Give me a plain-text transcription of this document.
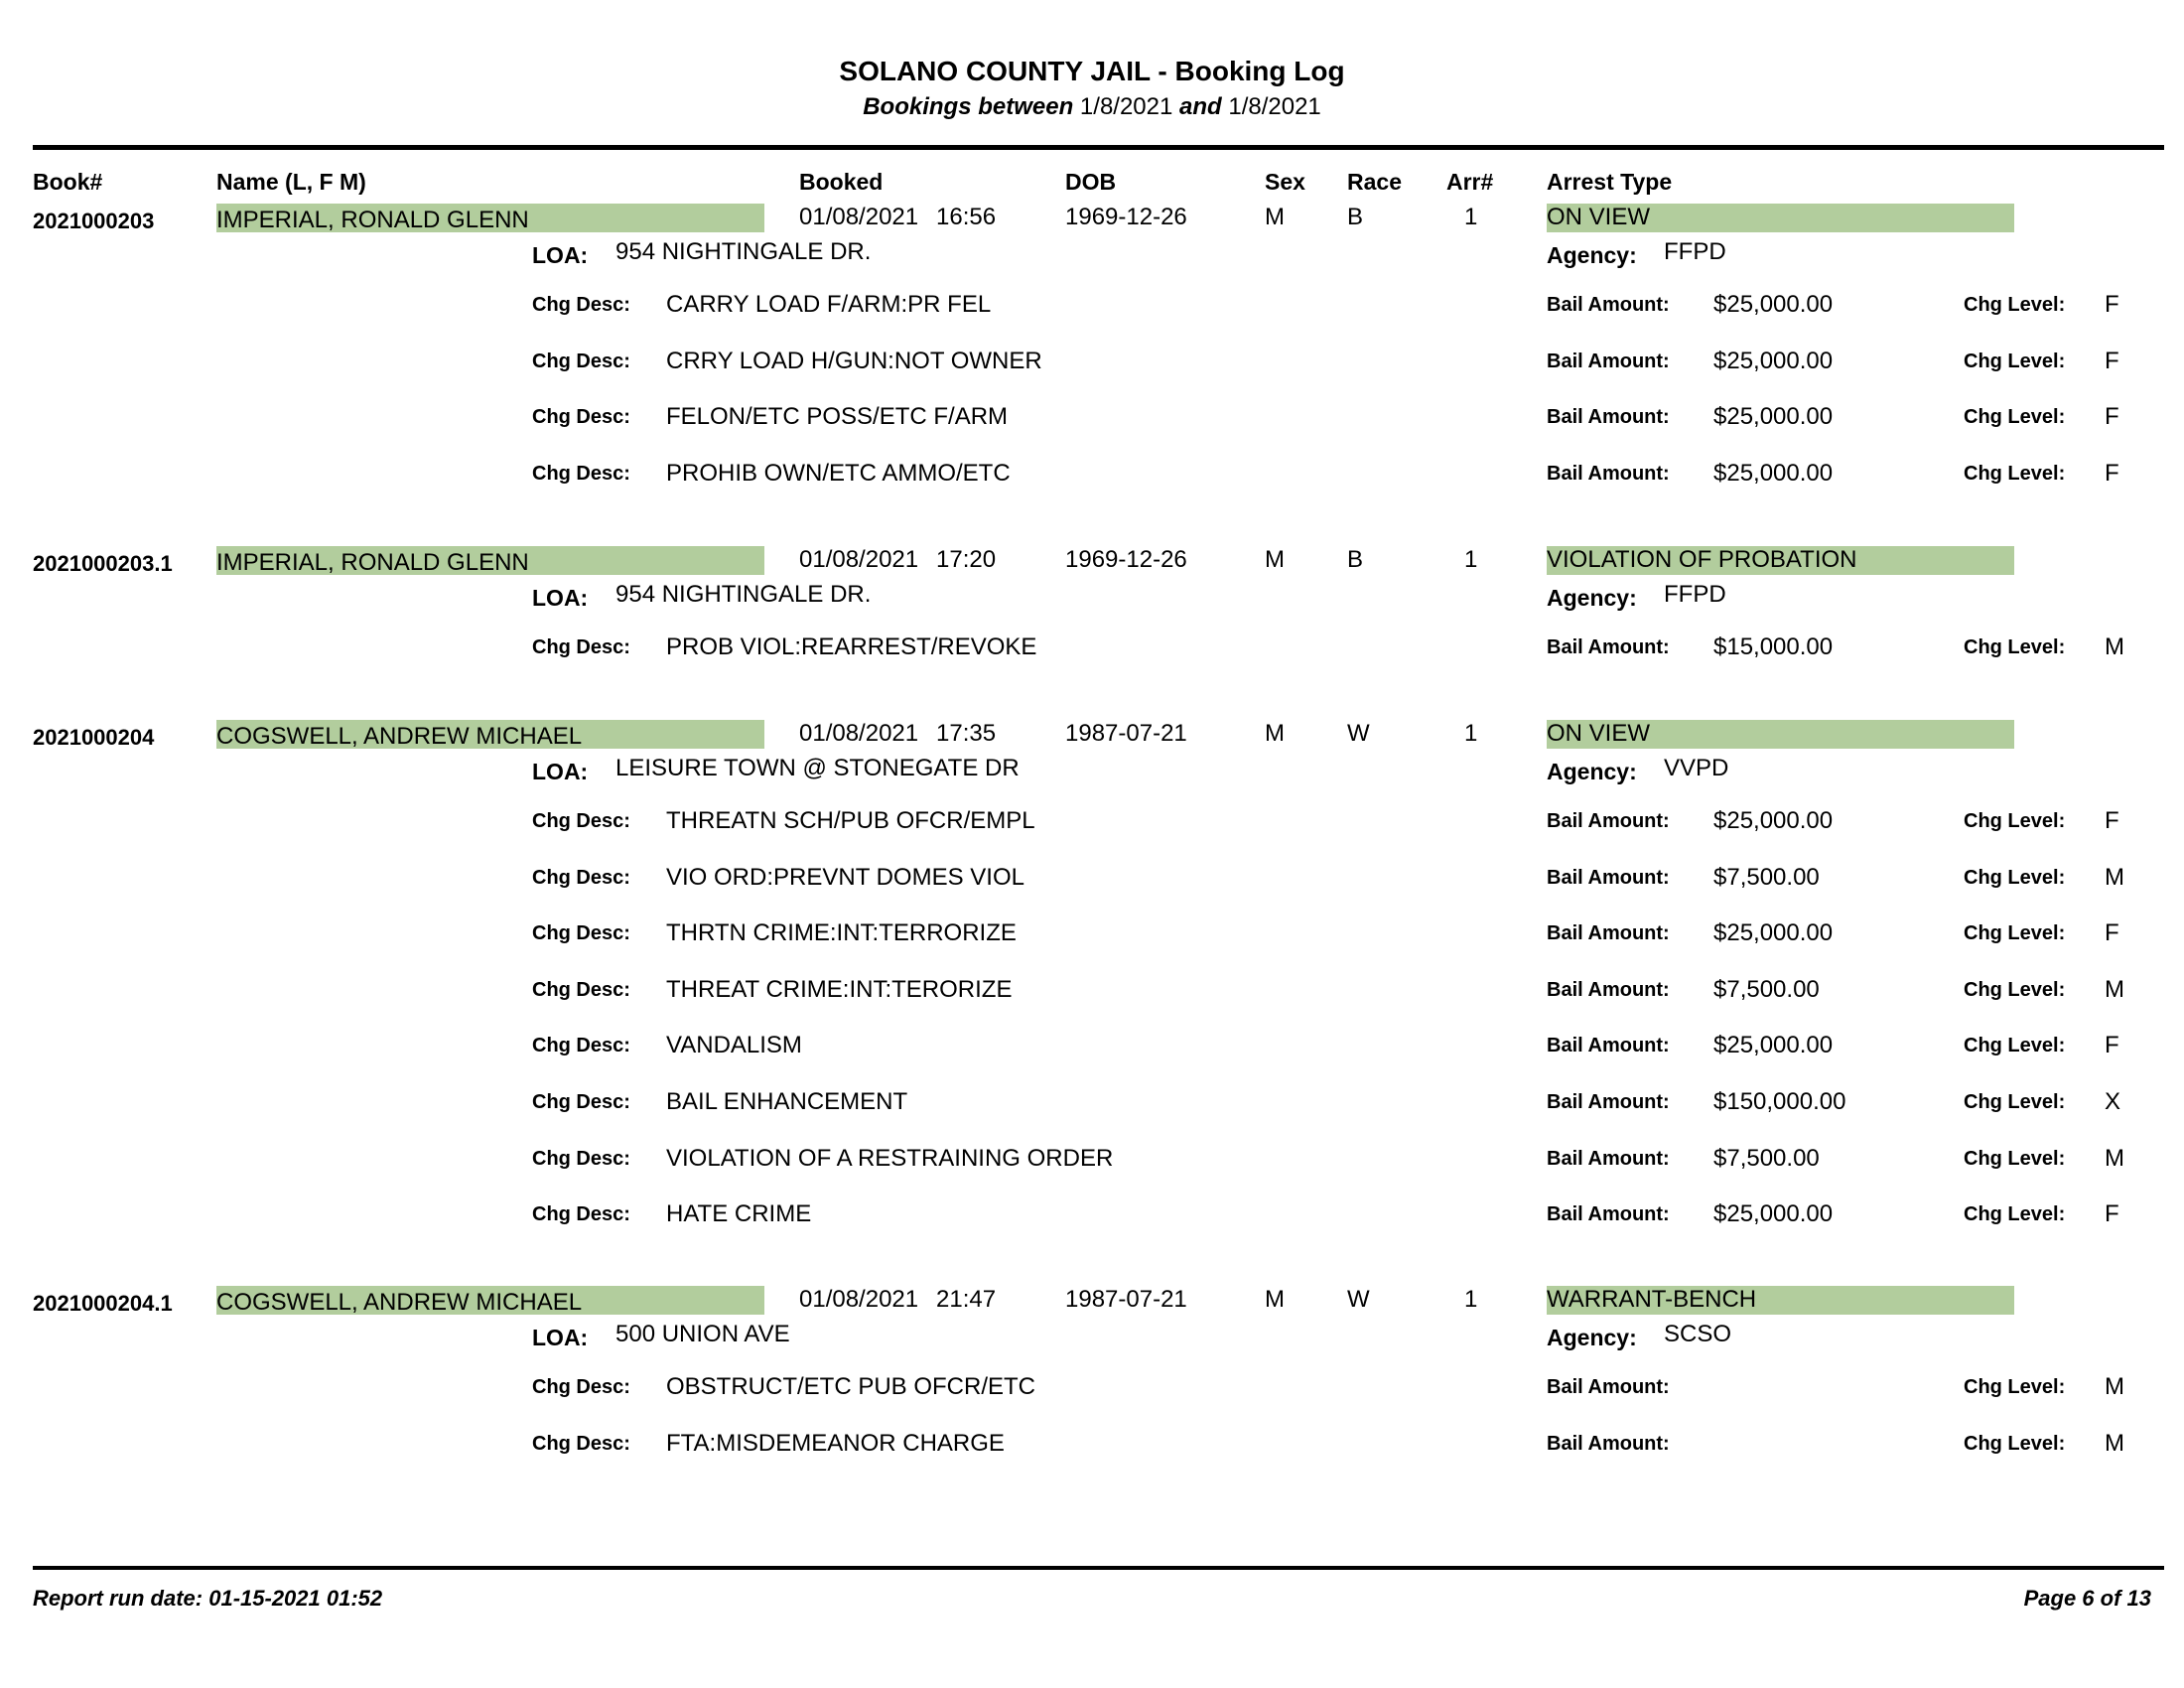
SOLANO COUNTY JAIL - Booking Log
Bookings between 1/8/2021 and 1/8/2021
Book#	Name (L, F M)	Booked	DOB	Sex Race Arr# Arrest Type
2021000203	IMPERIAL, RONALD GLENN	01/08/2021 16:56	1969-12-26	M	B	1	ON VIEW
LOA: 954 NIGHTINGALE DR.	Agency: FFPD
Chg Desc: CARRY LOAD F/ARM:PR FEL	Bail Amount: $25,000.00	Chg Level: F
Chg Desc: CRRY LOAD H/GUN:NOT OWNER	Bail Amount: $25,000.00	Chg Level: F
Chg Desc: FELON/ETC POSS/ETC F/ARM	Bail Amount: $25,000.00	Chg Level: F
Chg Desc: PROHIB OWN/ETC AMMO/ETC	Bail Amount: $25,000.00	Chg Level: F
2021000203.1 IMPERIAL, RONALD GLENN	01/08/2021 17:20	1969-12-26	M	B	1	VIOLATION OF PROBATION
LOA: 954 NIGHTINGALE DR.	Agency: FFPD
Chg Desc: PROB VIOL:REARREST/REVOKE	Bail Amount: $15,000.00	Chg Level: M
2021000204	COGSWELL, ANDREW MICHAEL	01/08/2021 17:35	1987-07-21	M	W	1	ON VIEW
LOA: LEISURE TOWN @ STONEGATE DR	Agency: VVPD
Chg Desc: THREATN SCH/PUB OFCR/EMPL	Bail Amount: $25,000.00	Chg Level: F
Chg Desc: VIO ORD:PREVNT DOMES VIOL	Bail Amount: $7,500.00	Chg Level: M
Chg Desc: THRTN CRIME:INT:TERRORIZE	Bail Amount: $25,000.00	Chg Level: F
Chg Desc: THREAT CRIME:INT:TERORIZE	Bail Amount: $7,500.00	Chg Level: M
Chg Desc: VANDALISM	Bail Amount: $25,000.00	Chg Level: F
Chg Desc: BAIL ENHANCEMENT	Bail Amount: $150,000.00	Chg Level: X
Chg Desc: VIOLATION OF A RESTRAINING ORDER	Bail Amount: $7,500.00	Chg Level: M
Chg Desc: HATE CRIME	Bail Amount: $25,000.00	Chg Level: F
2021000204.1 COGSWELL, ANDREW MICHAEL	01/08/2021 21:47	1987-07-21	M	W	1	WARRANT-BENCH
LOA: 500 UNION AVE	Agency: SCSO
Chg Desc: OBSTRUCT/ETC PUB OFCR/ETC	Bail Amount:	Chg Level: M
Chg Desc: FTA:MISDEMEANOR CHARGE	Bail Amount:	Chg Level: M
Report run date: 01-15-2021 01:52	Page 6 of 13
